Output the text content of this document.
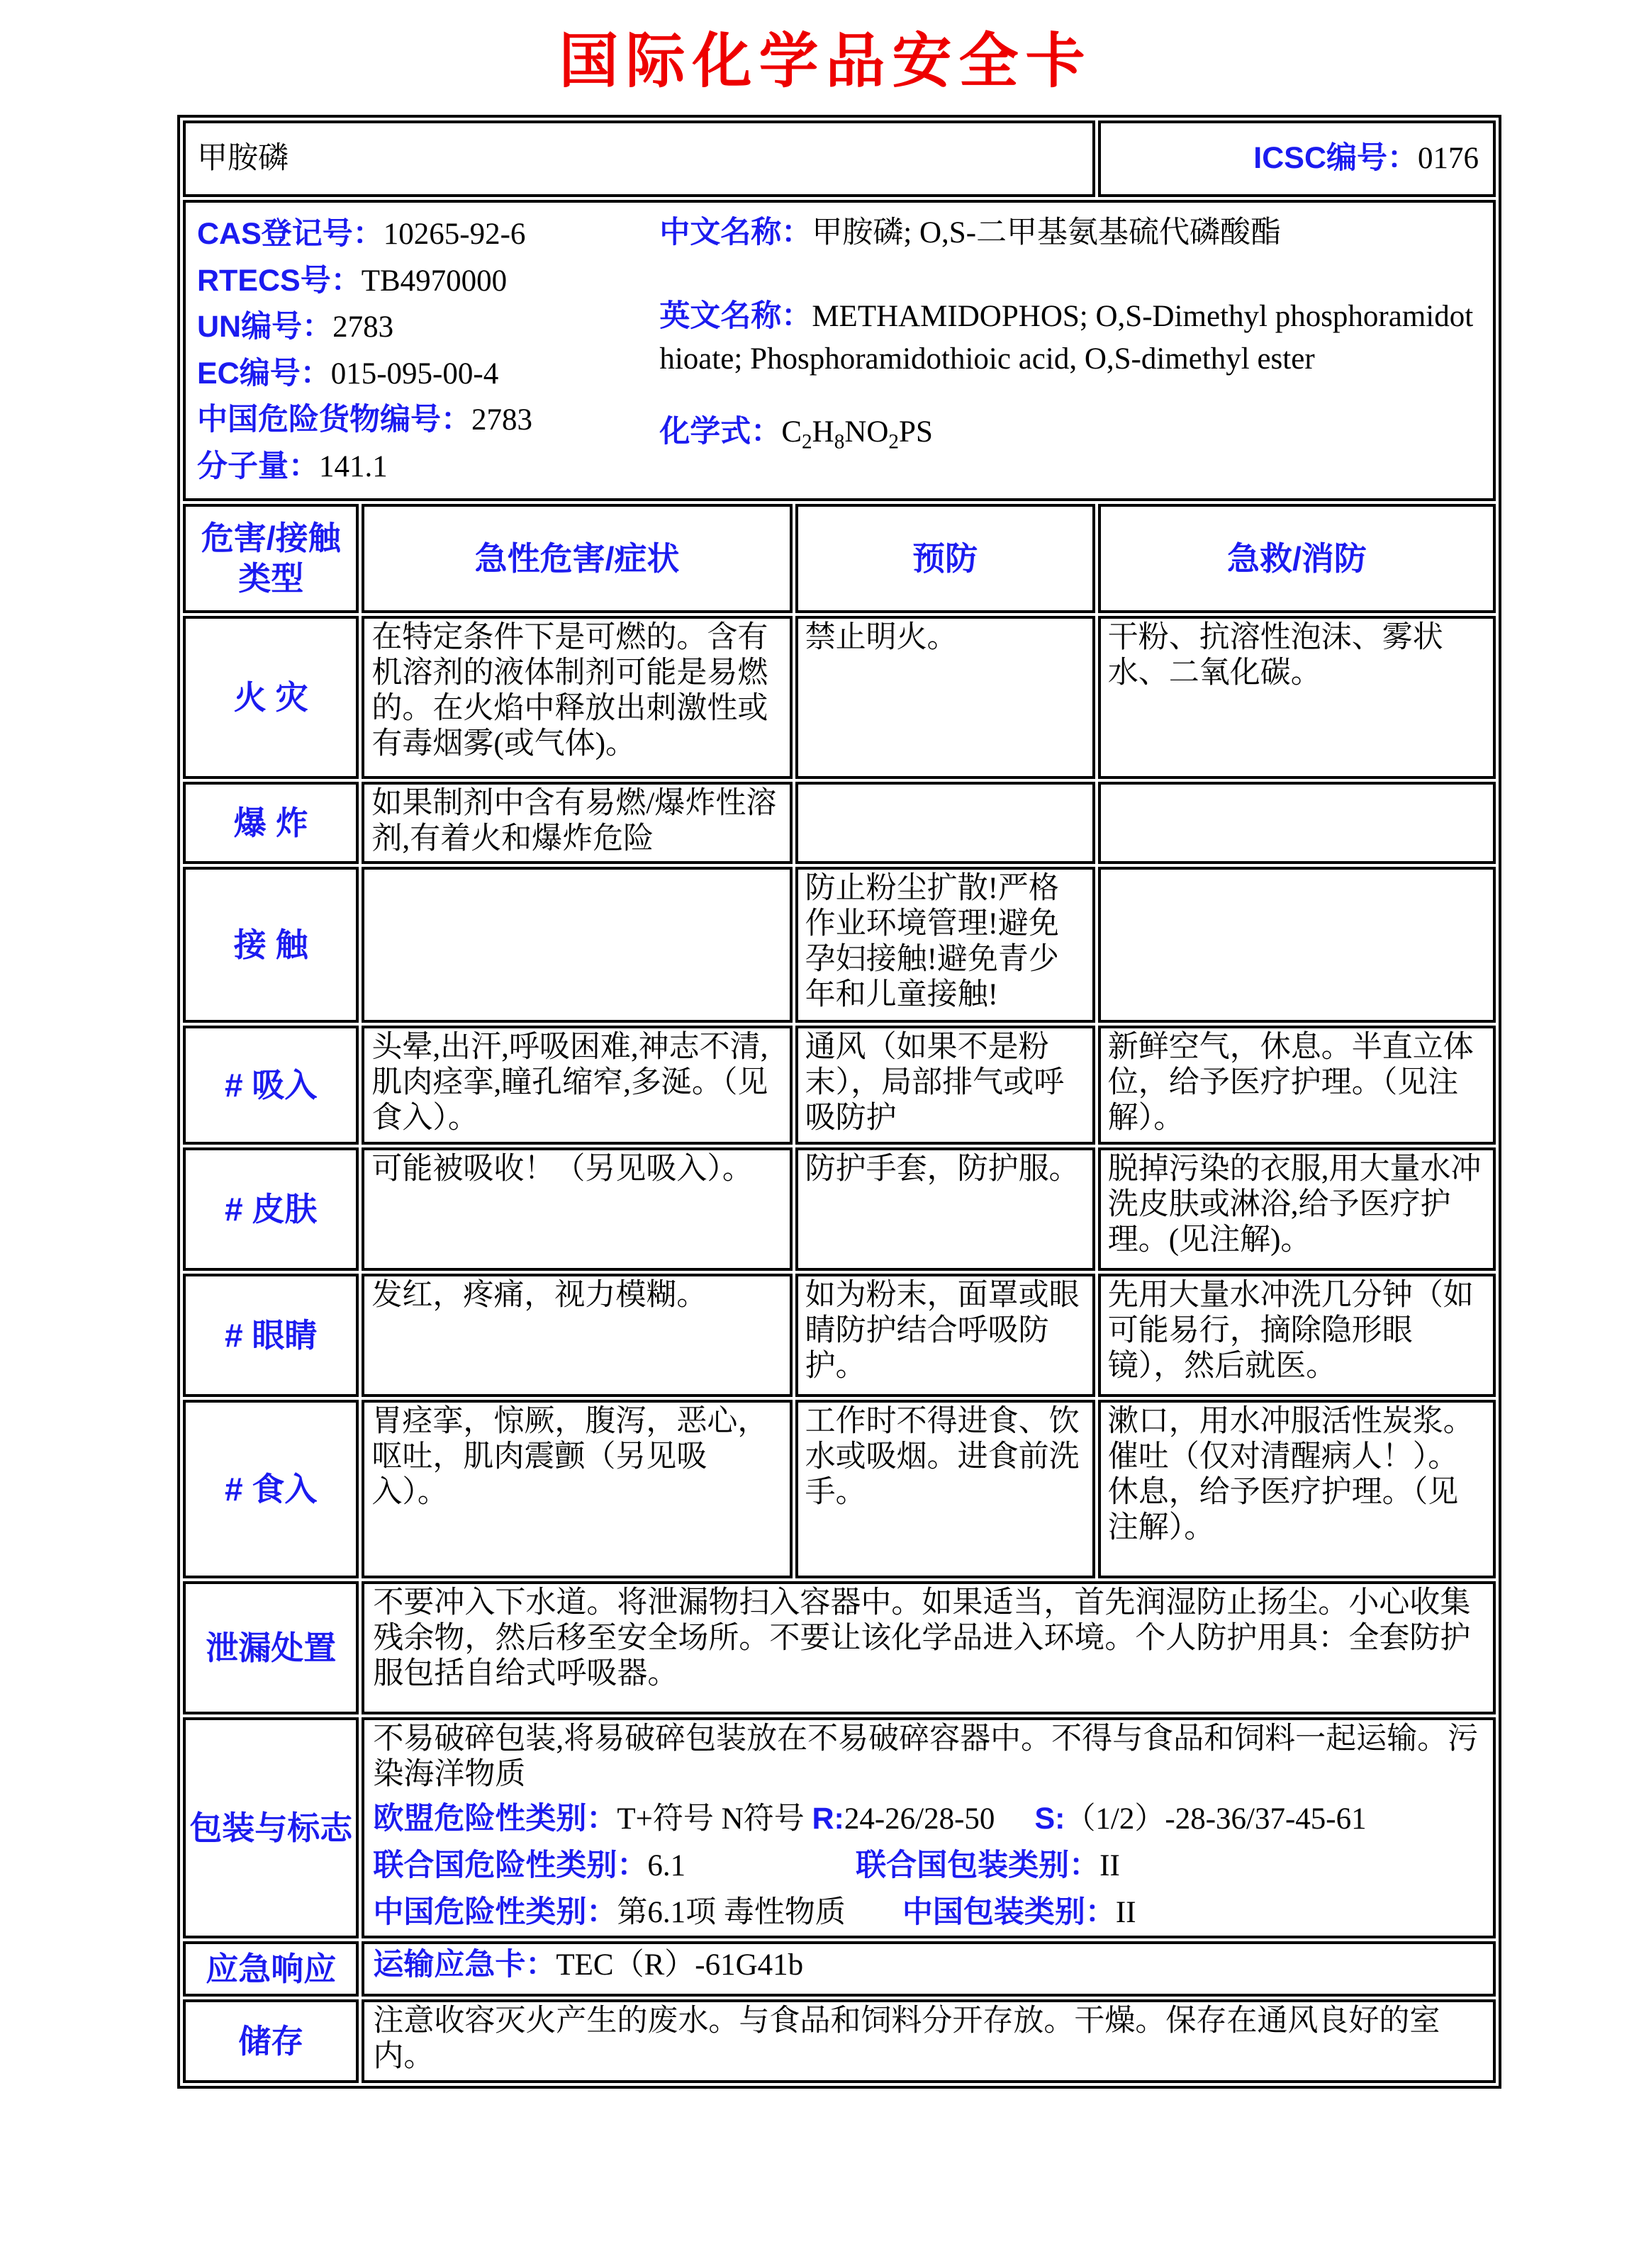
国际化学品安全卡
甲胺磷			ICSC编号：0176

CAS登记号：10265-92-6
RTECS号：TB4970000
UN编号：2783
EC编号：015-095-00-4
中国危险货物编号：2783
分子量：141.1
中文名称：甲胺磷; O,S-二甲基氨基硫代磷酸酯
英文名称：METHAMIDOPHOS; O,S-Dimethyl phosphoramidothioate; Phosphoramidothioic acid, O,S-dimethyl ester
化学式：$C_2H_8NO_2PS$

危害/接触类型	急性危害/症状	预防	急救/消防
火 灾	在特定条件下是可燃的。含有机溶剂的液体制剂可能是易燃的。在火焰中释放出刺激性或有毒烟雾(或气体)。	禁止明火。	干粉、抗溶性泡沫、雾状水、二氧化碳。
爆 炸	如果制剂中含有易燃/爆炸性溶剂,有着火和爆炸危险		
接 触		防止粉尘扩散!严格作业环境管理!避免孕妇接触!避免青少年和儿童接触!	
# 吸入	头晕,出汗,呼吸困难,神志不清,肌肉痉挛,瞳孔缩窄,多涎。（见食入）。	通风（如果不是粉末），局部排气或呼吸防护	新鲜空气，休息。半直立体位，给予医疗护理。（见注解）。
# 皮肤	可能被吸收！（另见吸入）。	防护手套，防护服。	脱掉污染的衣服,用大量水冲洗皮肤或淋浴,给予医疗护理。(见注解)。
# 眼睛	发红，疼痛，视力模糊。	如为粉末，面罩或眼睛防护结合呼吸防护。	先用大量水冲洗几分钟（如可能易行，摘除隐形眼镜），然后就医。
# 食入	胃痉挛，惊厥，腹泻，恶心，呕吐，肌肉震颤（另见吸入）。	工作时不得进食、饮水或吸烟。进食前洗手。	漱口，用水冲服活性炭浆。催吐（仅对清醒病人！）。休息，给予医疗护理。（见注解）。
泄漏处置	不要冲入下水道。将泄漏物扫入容器中。如果适当，首先润湿防止扬尘。小心收集残余物，然后移至安全场所。不要让该化学品进入环境。个人防护用具：全套防护服包括自给式呼吸器。		
包装与标志	不易破碎包装,将易破碎包装放在不易破碎容器中。不得与食品和饲料一起运输。污染海洋物质
欧盟危险性类别：T+符号 N符号 R:24-26/28-50 S:（1/2）-28-36/37-45-61
联合国危险性类别：6.1 联合国包装类别：II
中国危险性类别：第6.1项 毒性物质 中国包装类别：II		

应急响应	运输应急卡：TEC（R）-61G41b		

储存	注意收容灭火产生的废水。与食品和饲料分开存放。干燥。保存在通风良好的室内。		
